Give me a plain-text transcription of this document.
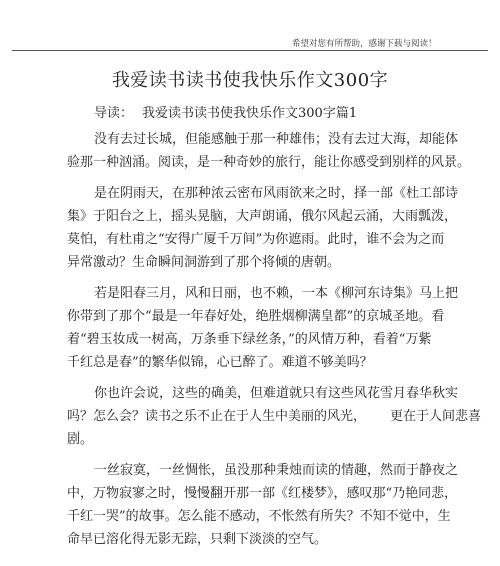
希望对您有所帮助，感谢下载与阅读！
我爱读书读书使我快乐作文300字
导读： 我爱读书读书使我快乐作文300字篇1

没有去过长城，但能感触于那一种雄伟；没有去过大海，却能体
验那一种汹涌。阅读，是一种奇妙的旅行，能让你感受到别样的风景。

是在阴雨天，在那种浓云密布风雨欲来之时，择一部《杜工部诗
集》于阳台之上，摇头晃脑，大声朗诵，俄尔风起云涌，大雨瓢泼，
莫怕，有杜甫之“安得广厦千万间”为你遮雨。此时，谁不会为之而
异常激动？生命瞬间洞游到了那个将倾的唐朝。

若是阳春三月，风和日丽，也不赖，一本《柳河东诗集》马上把
你带到了那个“最是一年春好处，绝胜烟柳满皇都”的京城圣地。看
着“碧玉妆成一树高，万条垂下绿丝条，”的风情万种，看着“万紫
千红总是春”的繁华似锦，心已醉了。难道不够美吗？

你也许会说，这些的确美，但难道就只有这些风花雪月春华秋实
吗？怎么会？读书之乐不止在于人生中美丽的风光， 更在于人间悲喜
剧。

一丝寂寞，一丝惆怅，虽没那种秉烛而读的情趣，然而于静夜之
中，万物寂寥之时，慢慢翻开那一部《红楼梦》，感叹那“乃艳同悲，
千红一哭”的故事。怎么能不感动，不怅然有所失？不知不觉中，生
命早已溶化得无影无踪，只剩下淡淡的空气。
